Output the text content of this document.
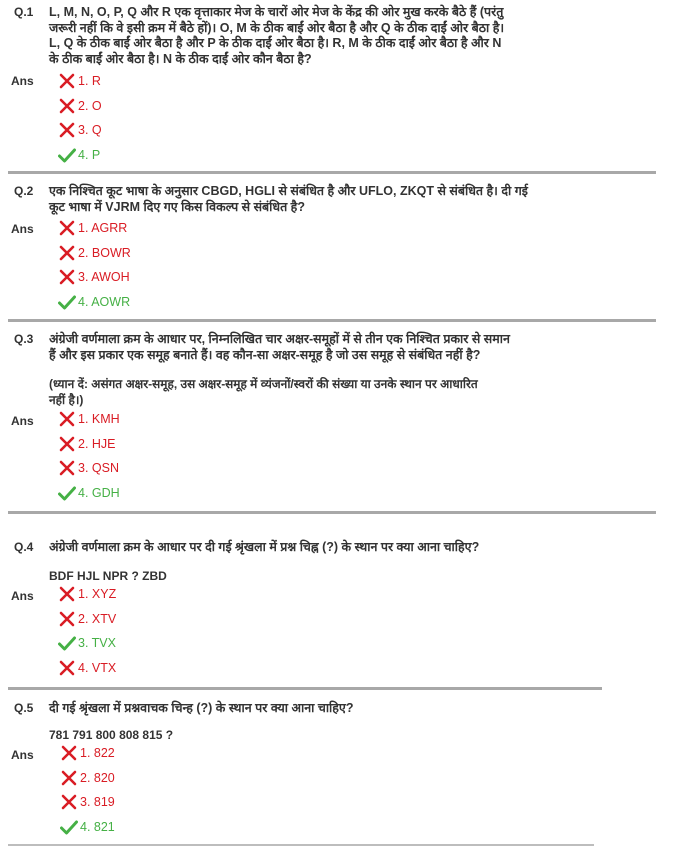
Q.1 L, M, N, O, P, Q और R एक वृत्ताकार मेज के चारों ओर मेज के केंद्र की ओर मुख करके बैठे हैं (परंतु
जरूरी नहीं कि वे इसी क्रम में बैठे हों)। O, M के ठीक बाईं ओर बैठा है और Q के ठीक दाईं ओर बैठा है।
L, Q के ठीक बाईं ओर बैठा है और P के ठीक दाईं ओर बैठा है। R, M के ठीक दाईं ओर बैठा है और N
के ठीक बाईं ओर बैठा है। N के ठीक दाईं ओर कौन बैठा है?
Ans	1. R
2. O
3. Q
4. P
Q.2 एक निश्चित कूट भाषा के अनुसार CBGD, HGLI से संबंधित है और UFLO, ZKQT से संबंधित है। दी गई
कूट भाषा में VJRM दिए गए किस विकल्प से संबंधित है?
Ans	1. AGRR
2. BOWR
3. AWOH
4. AOWR
Q.3 अंग्रेजी वर्णमाला क्रम के आधार पर, निम्नलिखित चार अक्षर-समूहों में से तीन एक निश्चित प्रकार से समान
हैं और इस प्रकार एक समूह बनाते हैं। वह कौन-सा अक्षर-समूह है जो उस समूह से संबंधित नहीं है?
(ध्यान दें: असंगत अक्षर-समूह, उस अक्षर-समूह में व्यंजनों/स्वरों की संख्या या उनके स्थान पर आधारित
नहीं है।)
Ans	1. KMH
2. HJE
3. QSN
4. GDH
Q.4 अंग्रेजी वर्णमाला क्रम के आधार पर दी गई श्रृंखला में प्रश्न चिह्न (?) के स्थान पर क्या आना चाहिए?
BDF HJL NPR ? ZBD
Ans	1. XYZ
2. XTV
3. TVX
4. VTX
Q.5 दी गई श्रृंखला में प्रश्नवाचक चिन्ह (?) के स्थान पर क्या आना चाहिए?
781 791 800 808 815 ?
Ans	1. 822
2. 820
3. 819
4. 821
